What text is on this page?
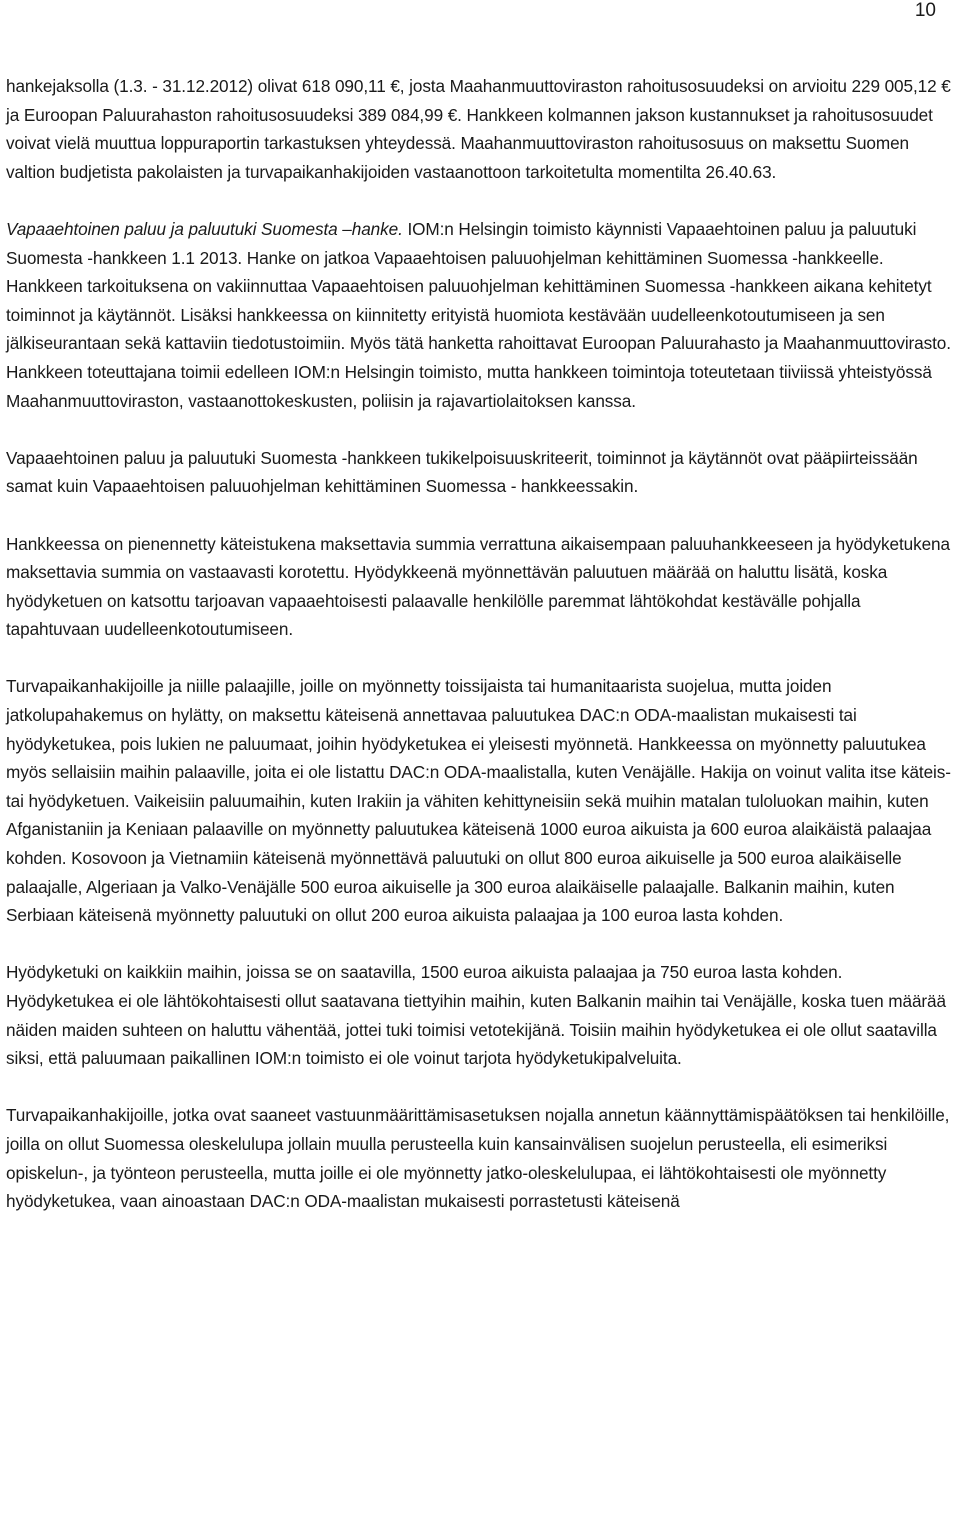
10

hankejaksolla (1.3. - 31.12.2012) olivat 618 090,11 €, josta Maahanmuuttoviraston rahoitusosuudeksi on arvioitu 229 005,12 € ja Euroopan Paluurahaston rahoitusosuudeksi 389 084,99 €. Hankkeen kolmannen jakson kustannukset ja rahoitusosuudet voivat vielä muuttua loppuraportin tarkastuksen yhteydessä. Maahanmuuttoviraston rahoitusosuus on maksettu Suomen valtion budjetista pakolaisten ja turvapaikanhakijoiden vastaanottoon tarkoitetulta momentilta 26.40.63.

Vapaaehtoinen paluu ja paluutuki Suomesta –hanke. IOM:n Helsingin toimisto käynnisti Vapaaehtoinen paluu ja paluutuki Suomesta -hankkeen 1.1 2013. Hanke on jatkoa Vapaaehtoisen paluuohjelman kehittäminen Suomessa -hankkeelle. Hankkeen tarkoituksena on vakiinnuttaa Vapaaehtoisen paluuohjelman kehittäminen Suomessa -hankkeen aikana kehitetyt toiminnot ja käytännöt. Lisäksi hankkeessa on kiinnitetty erityistä huomiota kestävään uudelleenkotoutumiseen ja sen jälkiseurantaan sekä kattaviin tiedotustoimiin. Myös tätä hanketta rahoittavat Euroopan Paluurahasto ja Maahanmuuttovirasto. Hankkeen toteuttajana toimii edelleen IOM:n Helsingin toimisto, mutta hankkeen toimintoja toteutetaan tiiviissä yhteistyössä Maahanmuuttoviraston, vastaanottokeskusten, poliisin ja rajavartiolaitoksen kanssa.

Vapaaehtoinen paluu ja paluutuki Suomesta -hankkeen tukikelpoisuuskriteerit, toiminnot ja käytännöt ovat pääpiirteissään samat kuin Vapaaehtoisen paluuohjelman kehittäminen Suomessa - hankkeessakin.

Hankkeessa on pienennetty käteistukena maksettavia summia verrattuna aikaisempaan paluuhankkeeseen ja hyödyketukena maksettavia summia on vastaavasti korotettu. Hyödykkeenä myönnettävän paluutuen määrää on haluttu lisätä, koska hyödyketuen on katsottu tarjoavan vapaaehtoisesti palaavalle henkilölle paremmat lähtökohdat kestävälle pohjalla tapahtuvaan uudelleenkotoutumiseen.

Turvapaikanhakijoille ja niille palaajille, joille on myönnetty toissijaista tai humanitaarista suojelua, mutta joiden jatkolupahakemus on hylätty, on maksettu käteisenä annettavaa paluutukea DAC:n ODA-maalistan mukaisesti tai hyödyketukea, pois lukien ne paluumaat, joihin hyödyketukea ei yleisesti myönnetä. Hankkeessa on myönnetty paluutukea myös sellaisiin maihin palaaville, joita ei ole listattu DAC:n ODA-maalistalla, kuten Venäjälle. Hakija on voinut valita itse käteis- tai hyödyketuen. Vaikeisiin paluumaihin, kuten Irakiin ja vähiten kehittyneisiin sekä muihin matalan tuloluokan maihin, kuten Afganistaniin ja Keniaan palaaville on myönnetty paluutukea käteisenä 1000 euroa aikuista ja 600 euroa alaikäistä palaajaa kohden. Kosovoon ja Vietnamiin käteisenä myönnettävä paluutuki on ollut 800 euroa aikuiselle ja 500 euroa alaikäiselle palaajalle, Algeriaan ja Valko-Venäjälle 500 euroa aikuiselle ja 300 euroa alaikäiselle palaajalle. Balkanin maihin, kuten Serbiaan käteisenä myönnetty paluutuki on ollut 200 euroa aikuista palaajaa ja 100 euroa lasta kohden.

Hyödyketuki on kaikkiin maihin, joissa se on saatavilla, 1500 euroa aikuista palaajaa ja 750 euroa lasta kohden. Hyödyketukea ei ole lähtökohtaisesti ollut saatavana tiettyihin maihin, kuten Balkanin maihin tai Venäjälle, koska tuen määrää näiden maiden suhteen on haluttu vähentää, jottei tuki toimisi vetotekijänä. Toisiin maihin hyödyketukea ei ole ollut saatavilla siksi, että paluumaan paikallinen IOM:n toimisto ei ole voinut tarjota hyödyketukipalveluita.

Turvapaikanhakijoille, jotka ovat saaneet vastuunmäärittämisasetuksen nojalla annetun käännyttämispäätöksen tai henkilöille, joilla on ollut Suomessa oleskelulupa jollain muulla perusteella kuin kansainvälisen suojelun perusteella, eli esimeriksi opiskelun-, ja työnteon perusteella, mutta joille ei ole myönnetty jatko-oleskelulupaa, ei lähtökohtaisesti ole myönnetty hyödyketukea, vaan ainoastaan DAC:n ODA-maalistan mukaisesti porrastetusti käteisenä
